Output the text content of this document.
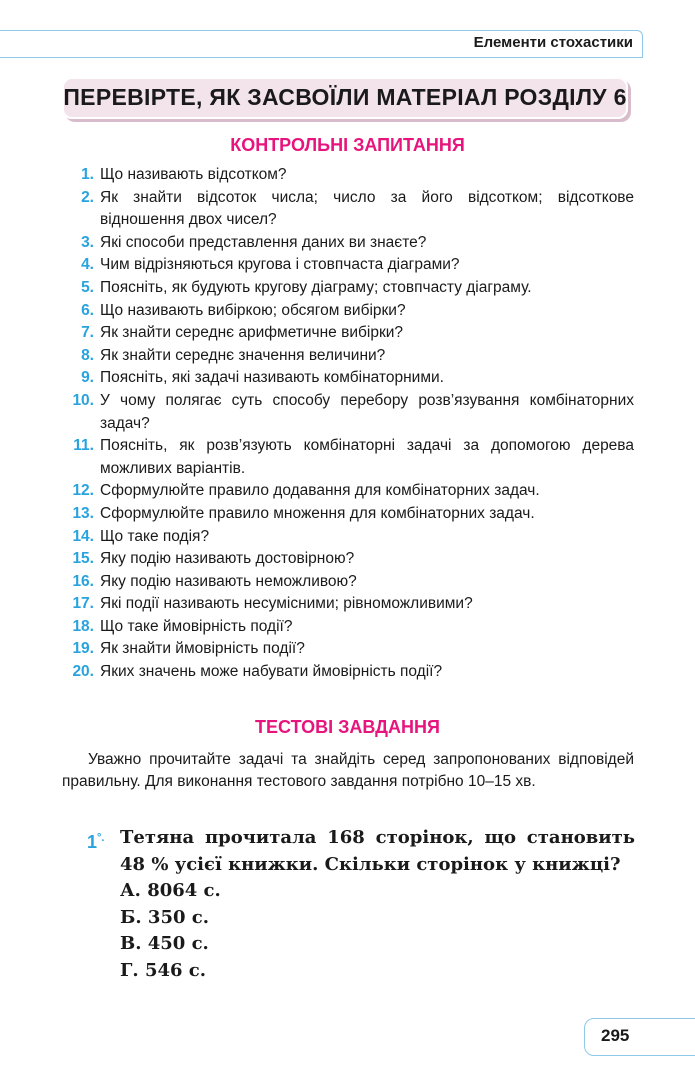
Елементи стохастики
ПЕРЕВІРТЕ, ЯК ЗАСВОЇЛИ МАТЕРІАЛ РОЗДІЛУ 6
КОНТРОЛЬНІ ЗАПИТАННЯ
1. Що називають відсотком?
2. Як знайти відсоток числа; число за його відсотком; відсоткове відношення двох чисел?
3. Які способи представлення даних ви знаєте?
4. Чим відрізняються кругова і стовпчаста діаграми?
5. Поясніть, як будують кругову діаграму; стовпчасту діаграму.
6. Що називають вибіркою; обсягом вибірки?
7. Як знайти середнє арифметичне вибірки?
8. Як знайти середнє значення величини?
9. Поясніть, які задачі називають комбінаторними.
10. У чому полягає суть способу перебору розв’язування комбінаторних задач?
11. Поясніть, як розв’язують комбінаторні задачі за допомогою дерева можливих варіантів.
12. Сформулюйте правило додавання для комбінаторних задач.
13. Сформулюйте правило множення для комбінаторних задач.
14. Що таке подія?
15. Яку подію називають достовірною?
16. Яку подію називають неможливою?
17. Які події називають несумісними; рівноможливими?
18. Що таке ймовірність події?
19. Як знайти ймовірність події?
20. Яких значень може набувати ймовірність події?
ТЕСТОВІ ЗАВДАННЯ
Уважно прочитайте задачі та знайдіть серед запропонованих відповідей правильну. Для виконання тестового завдання потрібно 10–15 хв.
1°. Тетяна прочитала 168 сторінок, що становить 48 % усієї книжки. Скільки сторінок у книжці?
А. 8064 с.
Б. 350 с.
В. 450 с.
Г. 546 с.
295
